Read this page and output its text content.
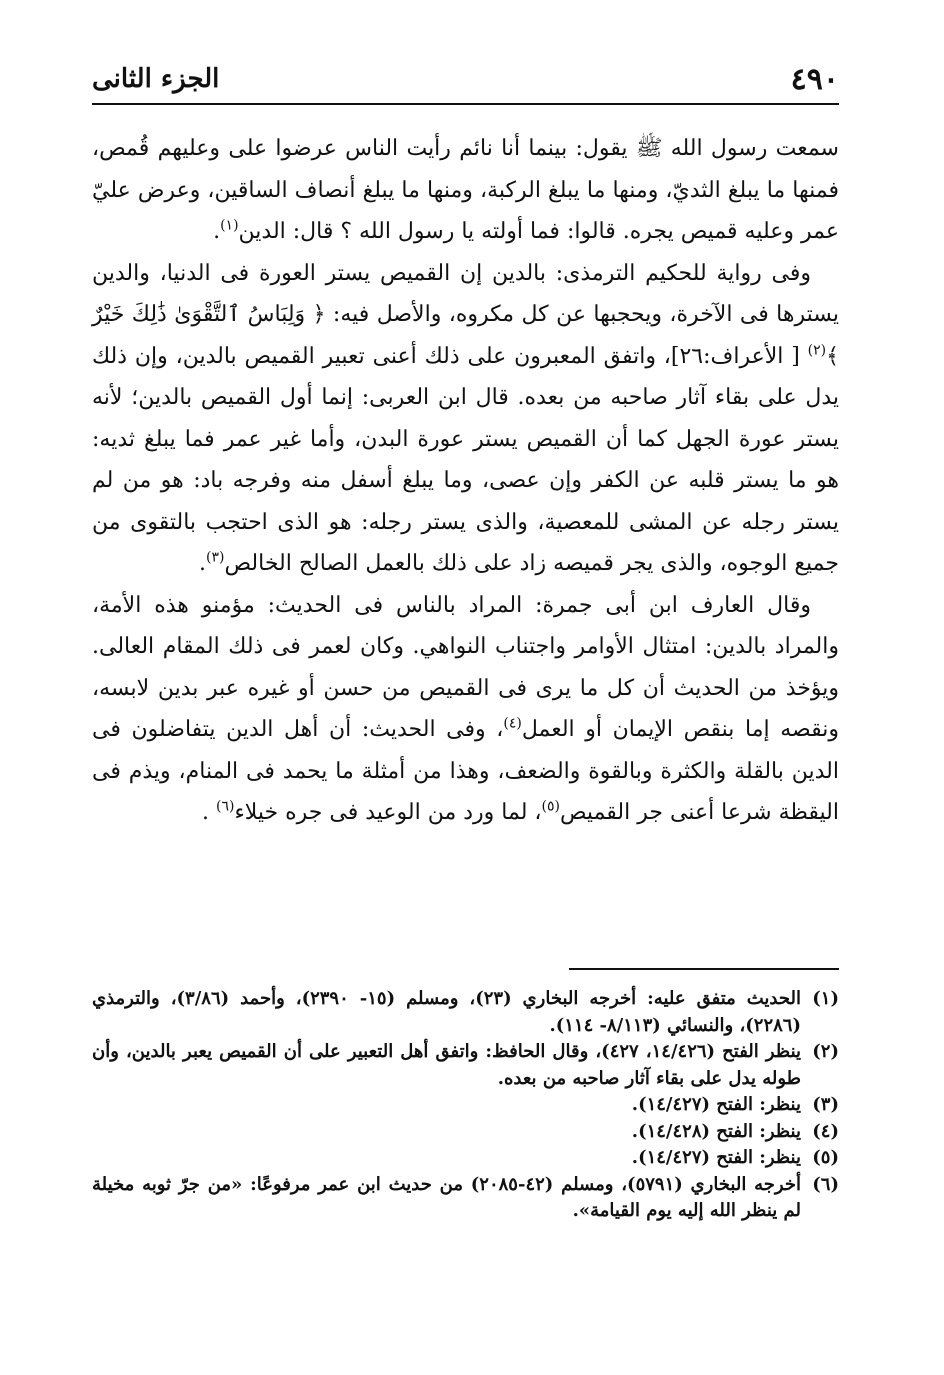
٤٩٠
الجزء الثانى

سمعت رسول الله ﷺ يقول: بينما أنا نائم رأيت الناس عرضوا على وعليهم قُمص، فمنها ما يبلغ الثديّ، ومنها ما يبلغ الركبة، ومنها ما يبلغ أنصاف الساقين، وعرض عليّ عمر وعليه قميص يجره. قالوا: فما أولته يا رسول الله ؟ قال: الدين$^{(١)}$.

وفى رواية للحكيم الترمذى: بالدين إن القميص يستر العورة فى الدنيا، والدين يسترها فى الآخرة، ويحجبها عن كل مكروه، والأصل فيه: ﴿ وَلِبَاسُ ٱلتَّقْوَىٰ ذَٰلِكَ خَيْرٌ ﴾$^{(٢)}$ [ الأعراف:٢٦]، واتفق المعبرون على ذلك أعنى تعبير القميص بالدين، وإن ذلك يدل على بقاء آثار صاحبه من بعده. قال ابن العربى: إنما أول القميص بالدين؛ لأنه يستر عورة الجهل كما أن القميص يستر عورة البدن، وأما غير عمر فما يبلغ ثديه: هو ما يستر قلبه عن الكفر وإن عصى، وما يبلغ أسفل منه وفرجه باد: هو من لم يستر رجله عن المشى للمعصية، والذى يستر رجله: هو الذى احتجب بالتقوى من جميع الوجوه، والذى يجر قميصه زاد على ذلك بالعمل الصالح الخالص$^{(٣)}$.

وقال العارف ابن أبى جمرة: المراد بالناس فى الحديث: مؤمنو هذه الأمة، والمراد بالدين: امتثال الأوامر واجتناب النواهي. وكان لعمر فى ذلك المقام العالى. ويؤخذ من الحديث أن كل ما يرى فى القميص من حسن أو غيره عبر بدين لابسه، ونقصه إما بنقص الإيمان أو العمل$^{(٤)}$، وفى الحديث: أن أهل الدين يتفاضلون فى الدين بالقلة والكثرة وبالقوة والضعف، وهذا من أمثلة ما يحمد فى المنام، ويذم فى اليقظة شرعا أعنى جر القميص$^{(٥)}$، لما ورد من الوعيد فى جره خيلاء$^{(٦)}$ .

(١)
الحديث متفق عليه: أخرجه البخاري (٢٣)، ومسلم (١٥- ٢٣٩٠)، وأحمد (٣/٨٦)، والترمذي (٢٢٨٦)، والنسائي (٨/١١٣- ١١٤).
(٢)
ينظر الفتح (١٤/٤٢٦، ٤٢٧)، وقال الحافظ: واتفق أهل التعبير على أن القميص يعبر بالدين، وأن طوله يدل على بقاء آثار صاحبه من بعده.
(٣)
ينظر: الفتح (١٤/٤٢٧).
(٤)
ينظر: الفتح (١٤/٤٢٨).
(٥)
ينظر: الفتح (١٤/٤٢٧).
(٦)
أخرجه البخاري (٥٧٩١)، ومسلم (٤٢-٢٠٨٥) من حديث ابن عمر مرفوعًا: «من جرّ ثوبه مخيلة لم ينظر الله إليه يوم القيامة».
